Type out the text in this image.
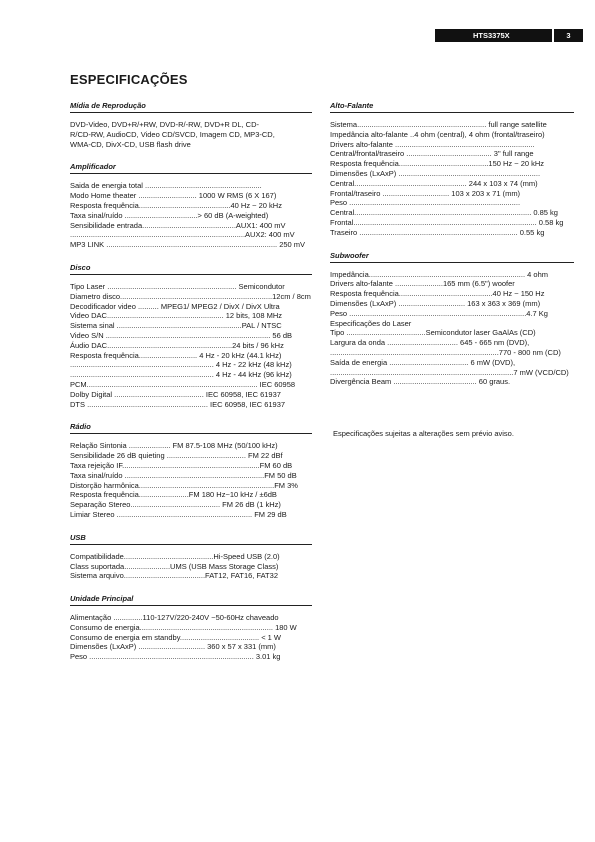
HTS3375X	3
ESPECIFICAÇÕES
Mídia de Reprodução
DVD-Video, DVD+R/+RW, DVD-R/-RW, DVD+R DL, CD-
R/CD-RW, AudioCD, Video CD/SVCD, Imagem CD, MP3-CD,
WMA-CD, DivX-CD, USB flash drive
Amplificador
Saida de energia total ........................................................
Modo Home theater ............................ 1000 W RMS (6 X 167)
Resposta frequência............................................40 Hz ~ 20 kHz
Taxa sinal/ruído ...................................> 60 dB (A-weighted)
Sensibilidade entrada.............................................AUX1: 400 mV
....................................................................................AUX2: 400 mV
MP3 LINK .................................................................................. 250 mV
Disco
Tipo Laser .............................................................. Semicondutor
Diametro disco.........................................................................12cm / 8cm
Decodificador video .......... MPEG1/ MPEG2 / DivX / DivX Ultra
Video DAC........................................................ 12 bits, 108 MHz
Sistema sinal ............................................................PAL / NTSC
Video S/N ............................................................................... 56 dB
Áudio DAC............................................................24 bits / 96 kHz
Resposta frequência............................ 4 Hz - 20 kHz (44.1 kHz)
..................................................................... 4 Hz - 22 kHz (48 kHz)
..................................................................... 4 Hz - 44 kHz (96 kHz)
PCM.................................................................................. IEC 60958
Dolby Digital ........................................... IEC 60958, IEC 61937
DTS .......................................................... IEC 60958, IEC 61937
Rádio
Relação Sintonia .................... FM 87.5-108 MHz (50/100 kHz)
Sensibilidade 26 dB quieting ...................................... FM 22 dBf
Taxa rejeição IF..................................................................FM 60 dB
Taxa sinal/ruído ...................................................................FM 50 dB
Distorção harmônica.................................................................FM 3%
Resposta frequência........................FM 180 Hz~10 kHz / ±6dB
Separação Stereo........................................... FM 26 dB (1 kHz)
Limiar Stereo ................................................................. FM 29 dB
USB
Compatibilidade...........................................Hi-Speed USB (2.0)
Class suportada......................UMS (USB Mass Storage Class)
Sistema arquivo.......................................FAT12, FAT16, FAT32
Unidade Principal
Alimentação ..............110-127V/220-240V ~50-60Hz chaveado
Consumo de energia................................................................ 180 W
Consumo de energia em standby...................................... < 1 W
Dimensões (LxAxP) ................................ 360 x 57 x 331 (mm)
Peso ............................................................................... 3.01 kg
Alto-Falante
Sistema.............................................................. full range satellite
Impedância alto-falante ..4 ohm (central), 4 ohm (frontal/traseiro)
Drivers alto-falante ...................................................................
Central/frontal/traseiro ......................................... 3" full range
Resposta frequência...........................................150 Hz ~ 20 kHz
Dimensões (LxAxP) ....................................................................
Central...................................................... 244 x 103 x 74 (mm)
Frontal/traseiro ................................ 103 x 203 x 71 (mm)
Peso ..................................................................................
Central..................................................................................... 0.85 kg
Frontal........................................................................................ 0.58 kg
Traseiro ............................................................................ 0.55 kg
Subwoofer
Impedância........................................................................... 4 ohm
Drivers alto-falante .......................165 mm (6.5") woofer
Resposta frequência.............................................40 Hz ~ 150 Hz
Dimensões (LxAxP) ................................ 163 x 363 x 369 (mm)
Peso .....................................................................................4.7 Kg
Especificações do Laser
Tipo ......................................Semicondutor laser GaAlAs (CD)
Largura da onda .................................. 645 - 665 nm (DVD),
.................................................................................770 - 800 nm (CD)
Saída de energia ...................................... 6 mW (DVD),
........................................................................................7 mW (VCD/CD)
Divergência Beam ........................................ 60 graus.
Especificações sujeitas a alterações sem prévio aviso.
